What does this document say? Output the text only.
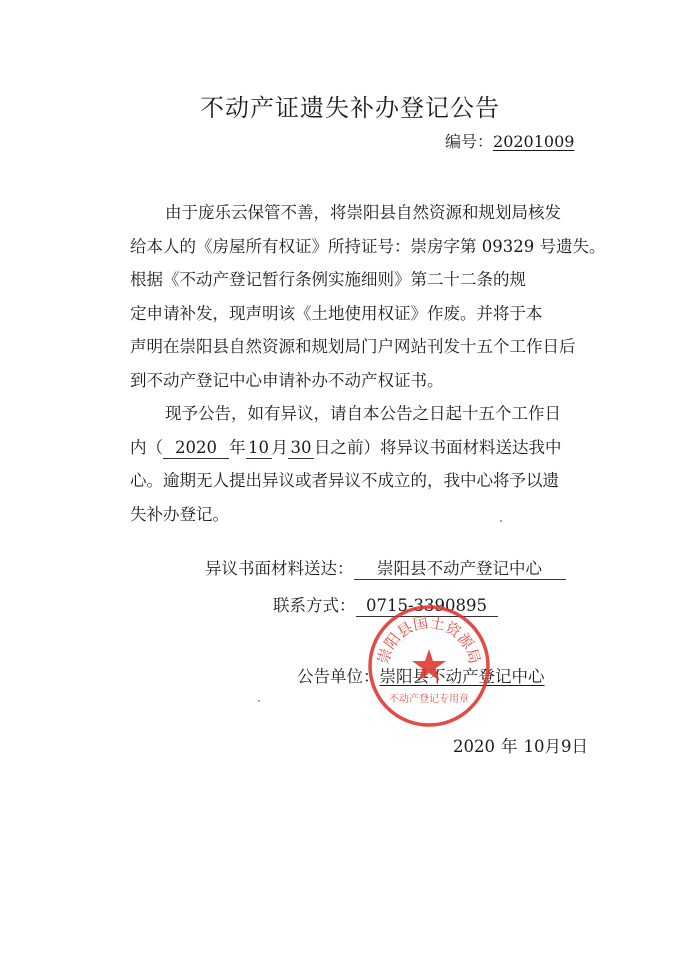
不动产证遗失补办登记公告
编号：20201009
由于庞乐云保管不善，将崇阳县自然资源和规划局核发
给本人的《房屋所有权证》所持证号：崇房字第 09329 号遗失。
根据《不动产登记暂行条例实施细则》第二十二条的规
定申请补发，现声明该《土地使用权证》作废。并将于本
声明在崇阳县自然资源和规划局门户网站刊发十五个工作日后
到不动产登记中心申请补办不动产权证书。
现予公告，如有异议，请自本公告之日起十五个工作日
内（ 2020 年 10 月 30 日之前）将异议书面材料送达我中
心。逾期无人提出异议或者异议不成立的，我中心将予以遗
失补办登记。
异议书面材料送达： 崇阳县不动产登记中心
联系方式： 0715-3390895
公告单位：崇阳县不动产登记中心
崇阳县国土资源局
不动产登记专用章
2020 年 10月9日
